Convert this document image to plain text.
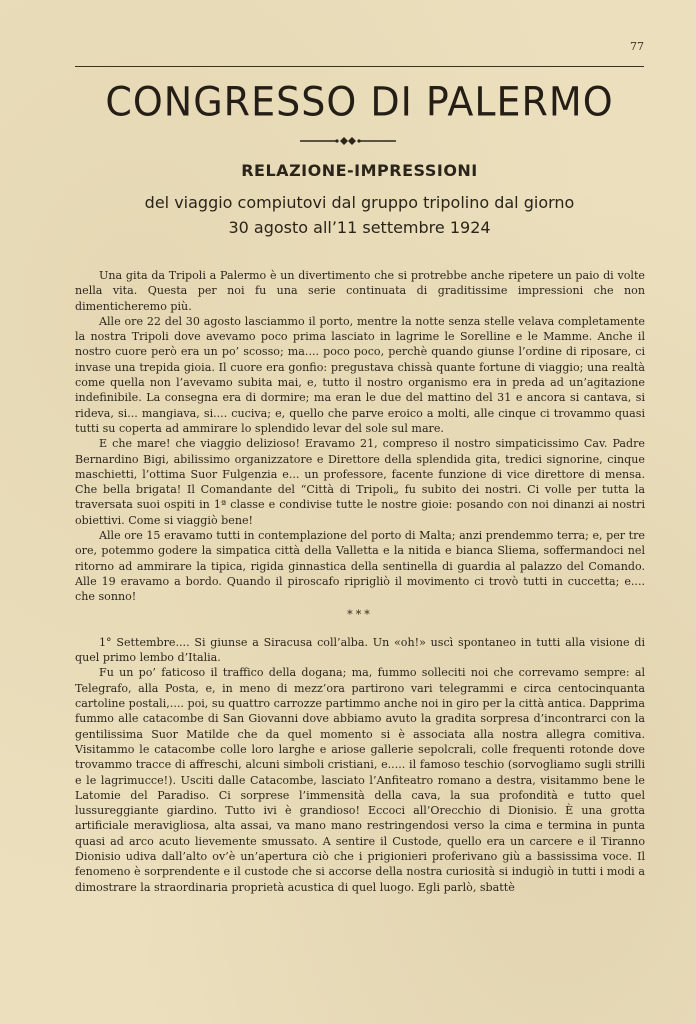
77
CONGRESSO DI PALERMO
RELAZIONE-IMPRESSIONI
del viaggio compiutovi dal gruppo tripolino dal giorno
30 agosto all’11 settembre 1924

Una gita da Tripoli a Palermo è un divertimento che si protrebbe anche ripetere un paio di volte nella vita. Questa per noi fu una serie continuata di graditissime impressioni che non dimenticheremo più.

Alle ore 22 del 30 agosto lasciammo il porto, mentre la notte senza stelle velava completamente la nostra Tripoli dove avevamo poco prima lasciato in lagrime le Sorelline e le Mamme. Anche il nostro cuore però era un po’ scosso; ma.... poco poco, perchè quando giunse l’ordine di riposare, ci invase una trepida gioia. Il cuore era gonfio: pregustava chissà quante fortune di viaggio; una realtà come quella non l’avevamo subita mai, e, tutto il nostro organismo era in preda ad un’agitazione indefinibile. La consegna era di dormire; ma eran le due del mattino del 31 e ancora si cantava, si rideva, si... mangiava, si.... cuciva; e, quello che parve eroico a molti, alle cinque ci trovammo quasi tutti su coperta ad ammirare lo splendido levar del sole sul mare.

E che mare! che viaggio delizioso! Eravamo 21, compreso il nostro simpaticissimo Cav. Padre Bernardino Bigi, abilissimo organizzatore e Direttore della splendida gita, tredici signorine, cinque maschietti, l’ottima Suor Fulgenzia e... un professore, facente funzione di vice direttore di mensa. Che bella brigata! Il Comandante del “Città di Tripoli„ fu subito dei nostri. Ci volle per tutta la traversata suoi ospiti in 1ª classe e condivise tutte le nostre gioie: posando con noi dinanzi ai nostri obiettivi. Come si viaggiò bene!

Alle ore 15 eravamo tutti in contemplazione del porto di Malta; anzi prendemmo terra; e, per tre ore, potemmo godere la simpatica città della Valletta e la nitida e bianca Sliema, soffermandoci nel ritorno ad ammirare la tipica, rigida ginnastica della sentinella di guardia al palazzo del Comando. Alle 19 eravamo a bordo. Quando il piroscafo riprigliò il movimento ci trovò tutti in cuccetta; e.... che sonno!

***

1° Settembre.... Si giunse a Siracusa coll’alba. Un «oh!» uscì spontaneo in tutti alla visione di quel primo lembo d’Italia.

Fu un po’ faticoso il traffico della dogana; ma, fummo solleciti noi che correvamo sempre: al Telegrafo, alla Posta, e, in meno di mezz’ora partirono vari telegrammi e circa centocinquanta cartoline postali,.... poi, su quattro carrozze partimmo anche noi in giro per la città antica. Dapprima fummo alle catacombe di San Giovanni dove abbiamo avuto la gradita sorpresa d’incontrarci con la gentilissima Suor Matilde che da quel momento si è associata alla nostra allegra comitiva. Visitammo le catacombe colle loro larghe e ariose gallerie sepolcrali, colle frequenti rotonde dove trovammo tracce di affreschi, alcuni simboli cristiani, e..... il famoso teschio (sorvogliamo sugli strilli e le lagrimucce!). Usciti dalle Catacombe, lasciato l’Anfiteatro romano a destra, visitammo bene le Latomie del Paradiso. Ci sorprese l’immensità della cava, la sua profondità e tutto quel lussureggiante giardino. Tutto ivi è grandioso! Eccoci all’Orecchio di Dionisio. È una grotta artificiale meravigliosa, alta assai, va mano mano restringendosi verso la cima e termina in punta quasi ad arco acuto lievemente smussato. A sentire il Custode, quello era un carcere e il Tiranno Dionisio udiva dall’alto ov’è un’apertura ciò che i prigionieri proferivano giù a bassissima voce. Il fenomeno è sorprendente e il custode che si accorse della nostra curiosità si indugiò in tutti i modi a dimostrare la straordinaria proprietà acustica di quel luogo. Egli parlò, sbattè
